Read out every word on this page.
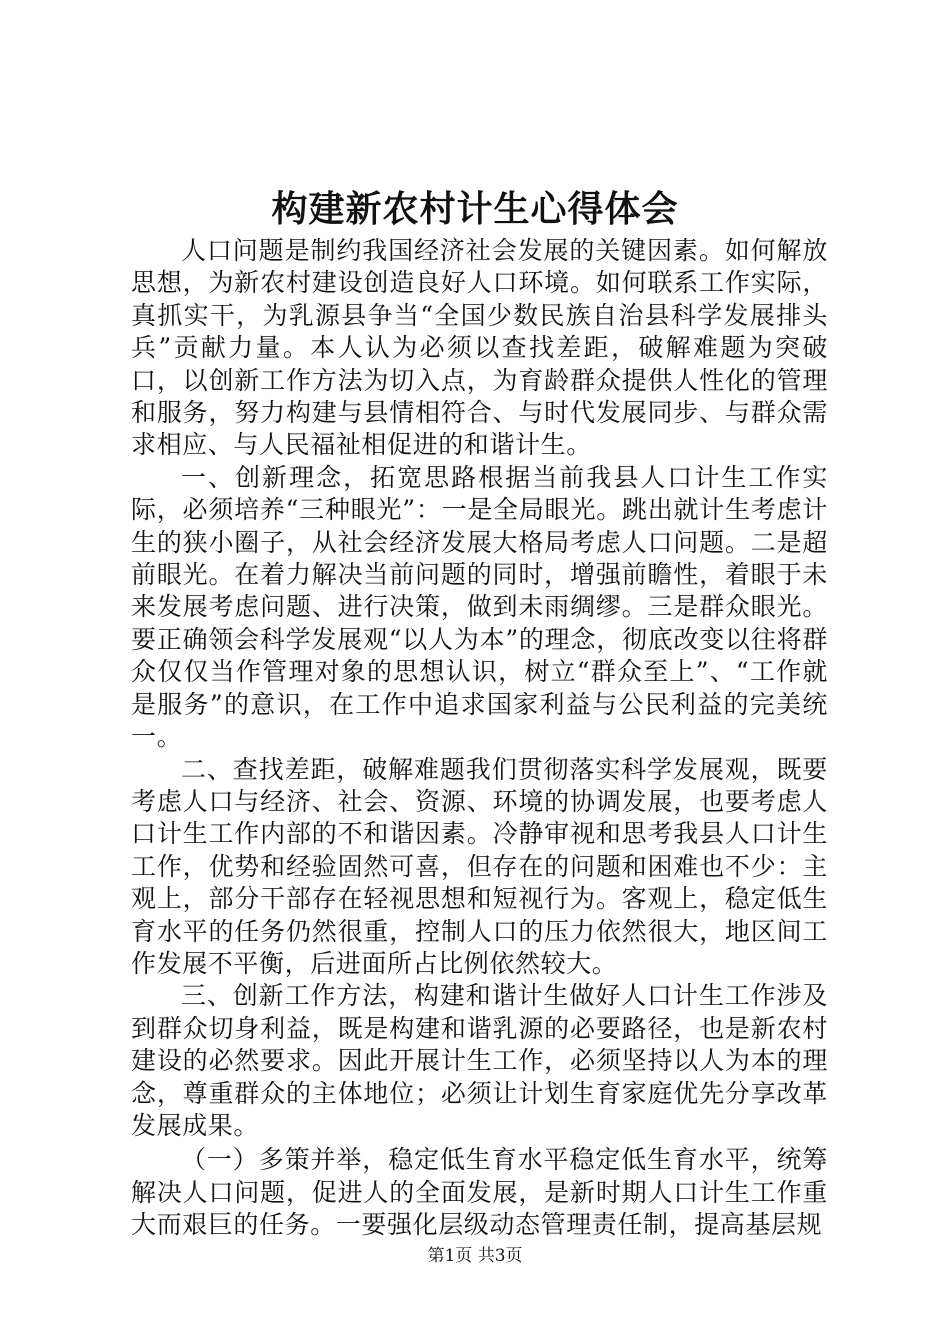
构建新农村计生心得体会

人口问题是制约我国经济社会发展的关键因素。如何解放思想，为新农村建设创造良好人口环境。如何联系工作实际，真抓实干，为乳源县争当“全国少数民族自治县科学发展排头兵”贡献力量。本人认为必须以查找差距，破解难题为突破口，以创新工作方法为切入点，为育龄群众提供人性化的管理和服务，努力构建与县情相符合、与时代发展同步、与群众需求相应、与人民福祉相促进的和谐计生。

一、创新理念，拓宽思路根据当前我县人口计生工作实际，必须培养“三种眼光”：一是全局眼光。跳出就计生考虑计生的狭小圈子，从社会经济发展大格局考虑人口问题。二是超前眼光。在着力解决当前问题的同时，增强前瞻性，着眼于未来发展考虑问题、进行决策，做到未雨绸缪。三是群众眼光。要正确领会科学发展观“以人为本”的理念，彻底改变以往将群众仅仅当作管理对象的思想认识，树立“群众至上”、“工作就是服务”的意识，在工作中追求国家利益与公民利益的完美统一。

二、查找差距，破解难题我们贯彻落实科学发展观，既要考虑人口与经济、社会、资源、环境的协调发展，也要考虑人口计生工作内部的不和谐因素。冷静审视和思考我县人口计生工作，优势和经验固然可喜，但存在的问题和困难也不少：主观上，部分干部存在轻视思想和短视行为。客观上，稳定低生育水平的任务仍然很重，控制人口的压力依然很大，地区间工作发展不平衡，后进面所占比例依然较大。

三、创新工作方法，构建和谐计生做好人口计生工作涉及到群众切身利益，既是构建和谐乳源的必要路径，也是新农村建设的必然要求。因此开展计生工作，必须坚持以人为本的理念，尊重群众的主体地位；必须让计划生育家庭优先分享改革发展成果。

（一）多策并举，稳定低生育水平稳定低生育水平，统筹解决人口问题，促进人的全面发展，是新时期人口计生工作重大而艰巨的任务。一要强化层级动态管理责任制，提高基层规

第1页 共3页
